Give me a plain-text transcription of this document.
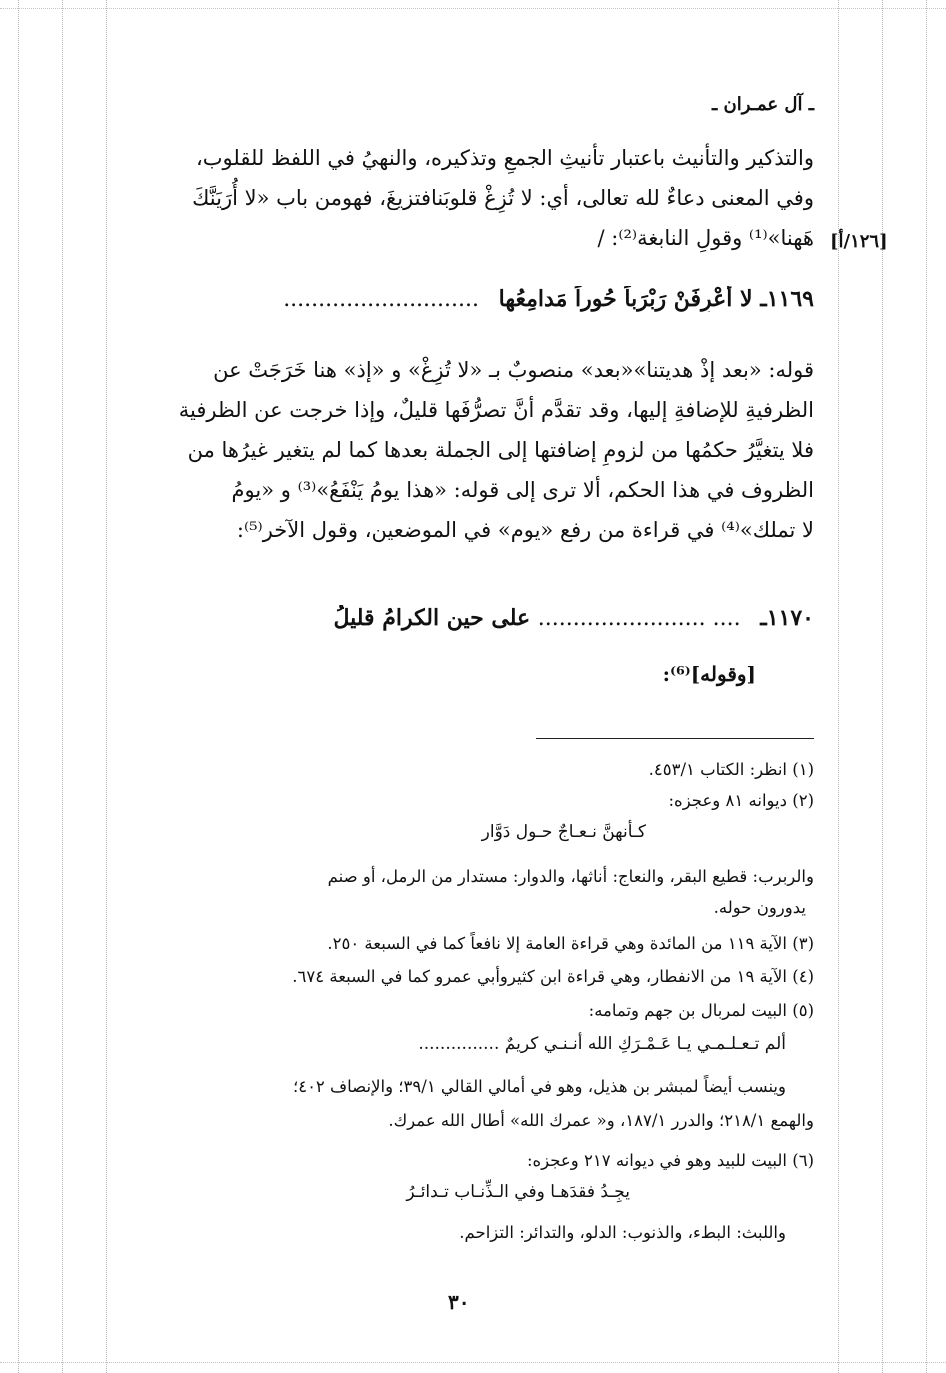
ـ آل عمـران ـ
والتذكير والتأنيث باعتبار تأنيثِ الجمعِ وتذكيره، والنهيُ في اللفظ للقلوب،
وفي المعنى دعاءٌ لله تعالى، أي: لا تُزِغْ قلوبَنافتزيغَ، فهومن باب «لا أُرَيَنَّكَ
هَهنا»⁽¹⁾ وقولِ النابغة⁽²⁾: / [١٢٦/أ]
١١٦٩ـ لا أَعْرِفَنْ رَبْرَباً حُوراً مَدامِعُها ............................
قوله: «بعد إذْ هديتنا»«بعد» منصوبٌ بـ «لا تُزِغْ» و «إذ» هنا خَرَجَتْ عن
الظرفيةِ للإضافةِ إليها، وقد تقدَّم أنَّ تصرُّفَها قليلٌ، وإذا خرجت عن الظرفية
فلا يتغيَّرُ حكمُها من لزومِ إضافتها إلى الجملة بعدها كما لم يتغير غيرُها من
الظروف في هذا الحكم، ألا ترى إلى قوله: «هذا يومُ يَنْفَعُ»⁽³⁾ و «يومُ
لا تملك»⁽⁴⁾ في قراءة من رفع «يوم» في الموضعين، وقول الآخر⁽⁵⁾:
١١٧٠ـ .... ........................ على حينِ الكرامُ قليلُ
[وقوله]⁽⁶⁾:
(١) انظر: الكتاب ٤٥٣/١.
(٢) ديوانه ٨١ وعجزه:
كـأنهنَّ نـعـاجٌ حـول دَوَّار
والربرب: قطيع البقر، والنعاج: أناثها، والدوار: مستدار من الرمل، أو صنم
يدورون حوله.
(٣) الآية ١١٩ من المائدة وهي قراءة العامة إلا نافعاً كما في السبعة ٢٥٠.
(٤) الآية ١٩ من الانفطار، وهي قراءة ابن كثيروأبي عمرو كما في السبعة ٦٧٤.
(٥) البيت لمربال بن جهم وتمامه:
ألم تـعـلـمـي يـا عَـمْـرَكِ الله أنـنـي كريمٌ ...............
وينسب أيضاً لمبشر بن هذيل، وهو في أمالي القالي ٣٩/١؛ والإنصاف ٤٠٢؛
والهمع ٢١٨/١؛ والدرر ١٨٧/١، و« عمرك الله» أطال الله عمرك.
(٦) البيت للبيد وهو في ديوانه ٢١٧ وعجزه:
يجِـدُ فقدَهـا وفي الـذِّنـاب تـدائـرُ
واللبث: البطء، والذنوب: الدلو، والتدائر: التزاحم.
٣٠
